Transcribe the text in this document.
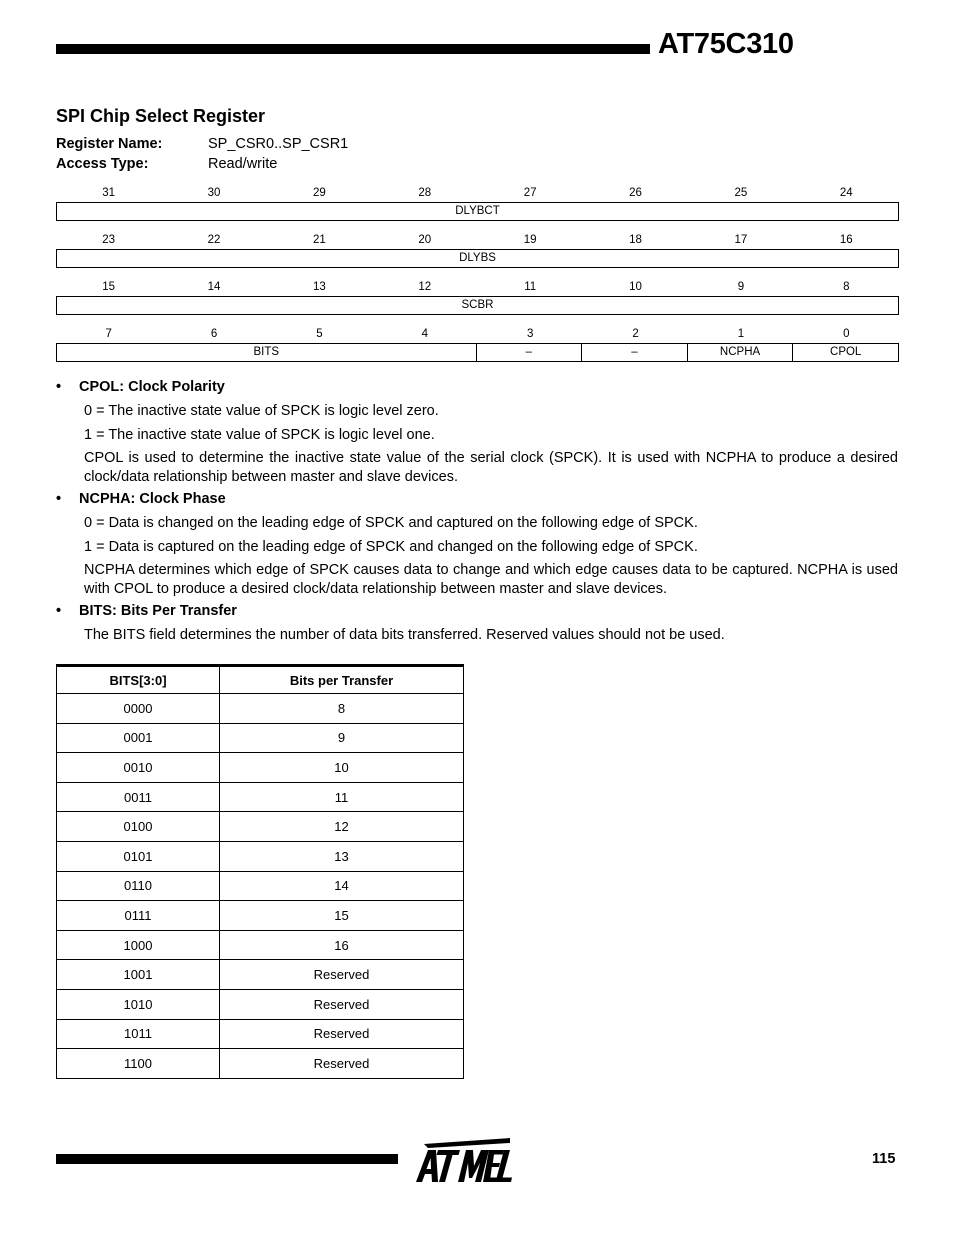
AT75C310
SPI Chip Select Register
Register Name:	SP_CSR0..SP_CSR1
Access Type:	Read/write
31	30	29	28	27	26	25	24
DLYBCT
23	22	21	20	19	18	17	16
DLYBS
15	14	13	12	11	10	9	8
SCBR
7	6	5	4	3	2	1	0
BITS	–	–	NCPHA	CPOL
• CPOL: Clock Polarity
0 = The inactive state value of SPCK is logic level zero.
1 = The inactive state value of SPCK is logic level one.
CPOL is used to determine the inactive state value of the serial clock (SPCK). It is used with NCPHA to produce a desired clock/data relationship between master and slave devices.
• NCPHA: Clock Phase
0 = Data is changed on the leading edge of SPCK and captured on the following edge of SPCK.
1 = Data is captured on the leading edge of SPCK and changed on the following edge of SPCK.
NCPHA determines which edge of SPCK causes data to change and which edge causes data to be captured. NCPHA is used with CPOL to produce a desired clock/data relationship between master and slave devices.
• BITS: Bits Per Transfer
The BITS field determines the number of data bits transferred. Reserved values should not be used.
BITS[3:0]	Bits per Transfer
0000	8
0001	9
0010	10
0011	11
0100	12
0101	13
0110	14
0111	15
1000	16
1001	Reserved
1010	Reserved
1011	Reserved
1100	Reserved
115
